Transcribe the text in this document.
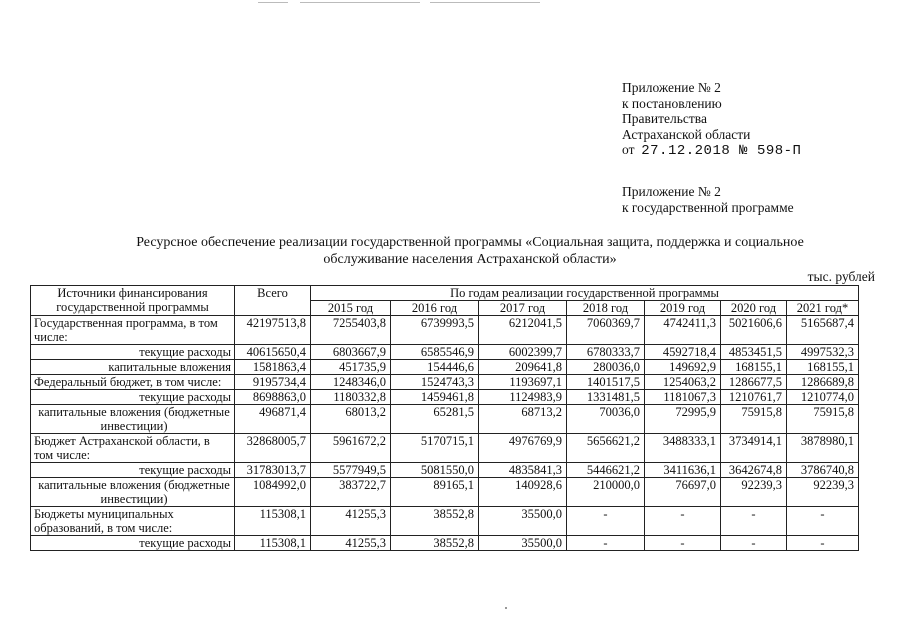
Приложение № 2
к постановлению
Правительства
Астраханской области
от 27.12.2018 № 598-П
Приложение № 2
к государственной программе
Ресурсное обеспечение реализации государственной программы «Социальная защита, поддержка и социальное
обслуживание населения Астраханской области»
тыс. рублей
Источники финансирования государственной программы	Всего	По годам реализации государственной программы						
		2015 год	2016 год	2017 год	2018 год	2019 год	2020 год	2021 год*
Государственная программа, в том числе:	42197513,8	7255403,8	6739993,5	6212041,5	7060369,7	4742411,3	5021606,6	5165687,4
текущие расходы	40615650,4	6803667,9	6585546,9	6002399,7	6780333,7	4592718,4	4853451,5	4997532,3
капитальные вложения	1581863,4	451735,9	154446,6	209641,8	280036,0	149692,9	168155,1	168155,1
Федеральный бюджет, в том числе:	9195734,4	1248346,0	1524743,3	1193697,1	1401517,5	1254063,2	1286677,5	1286689,8
текущие расходы	8698863,0	1180332,8	1459461,8	1124983,9	1331481,5	1181067,3	1210761,7	1210774,0
капитальные вложения (бюджетные инвестиции)	496871,4	68013,2	65281,5	68713,2	70036,0	72995,9	75915,8	75915,8
Бюджет Астраханской области, в том числе:	32868005,7	5961672,2	5170715,1	4976769,9	5656621,2	3488333,1	3734914,1	3878980,1
текущие расходы	31783013,7	5577949,5	5081550,0	4835841,3	5446621,2	3411636,1	3642674,8	3786740,8
капитальные вложения (бюджетные инвестиции)	1084992,0	383722,7	89165,1	140928,6	210000,0	76697,0	92239,3	92239,3
Бюджеты муниципальных образований, в том числе:	115308,1	41255,3	38552,8	35500,0	-	-	-	-
текущие расходы	115308,1	41255,3	38552,8	35500,0	-	-	-	-
